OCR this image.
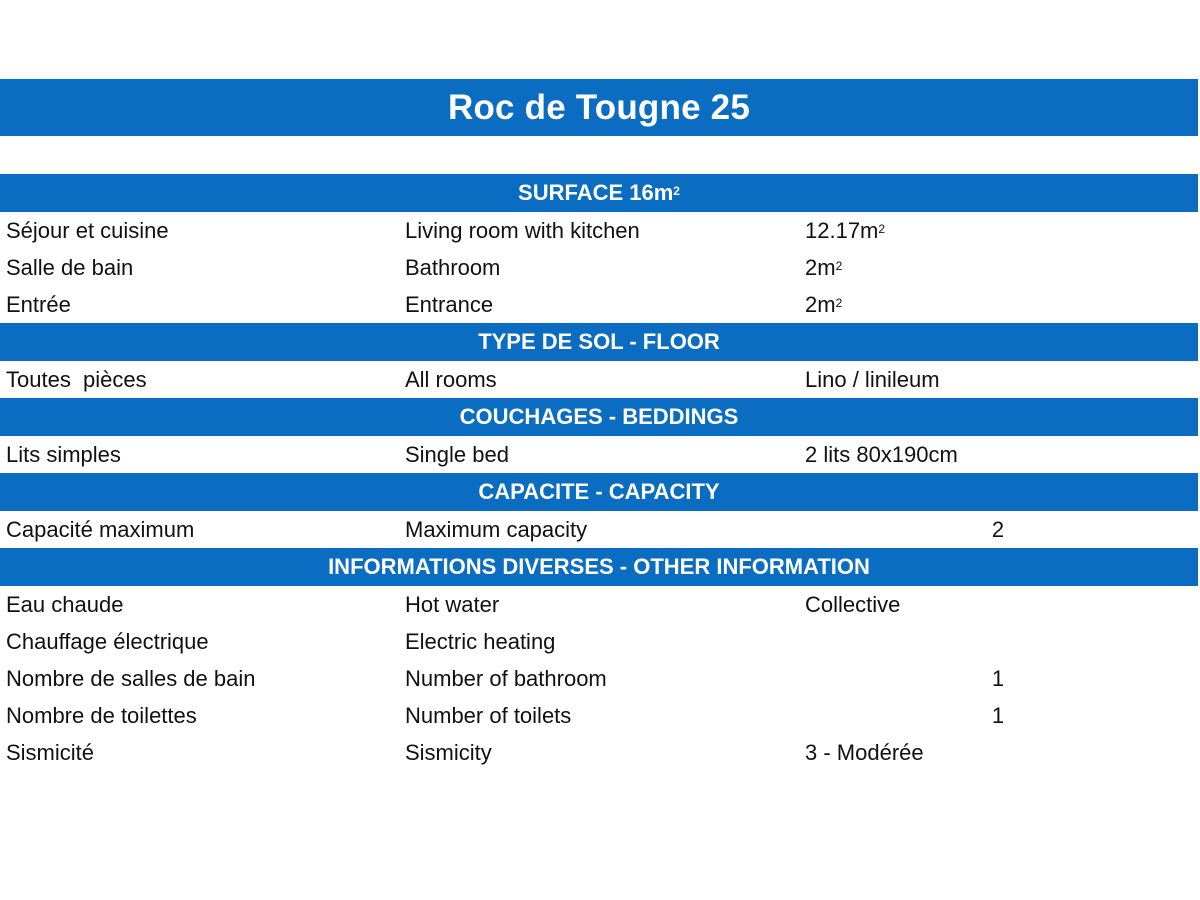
Roc de Tougne 25
SURFACE $16m^2$
Séjour et cuisine	Living room with kitchen	$12.17m^2$
Salle de bain	Bathroom	$2m^2$
Entrée	Entrance	$2m^2$
TYPE DE SOL - FLOOR
Toutes  pièces	All rooms	Lino / linileum
COUCHAGES - BEDDINGS
Lits simples	Single bed	2 lits 80x190cm
CAPACITE - CAPACITY
Capacité maximum	Maximum capacity	2
INFORMATIONS DIVERSES - OTHER INFORMATION
Eau chaude	Hot water	Collective
Chauffage électrique	Electric heating
Nombre de salles de bain	Number of bathroom	1
Nombre de toilettes	Number of toilets	1
Sismicité	Sismicity	3 - Modérée
